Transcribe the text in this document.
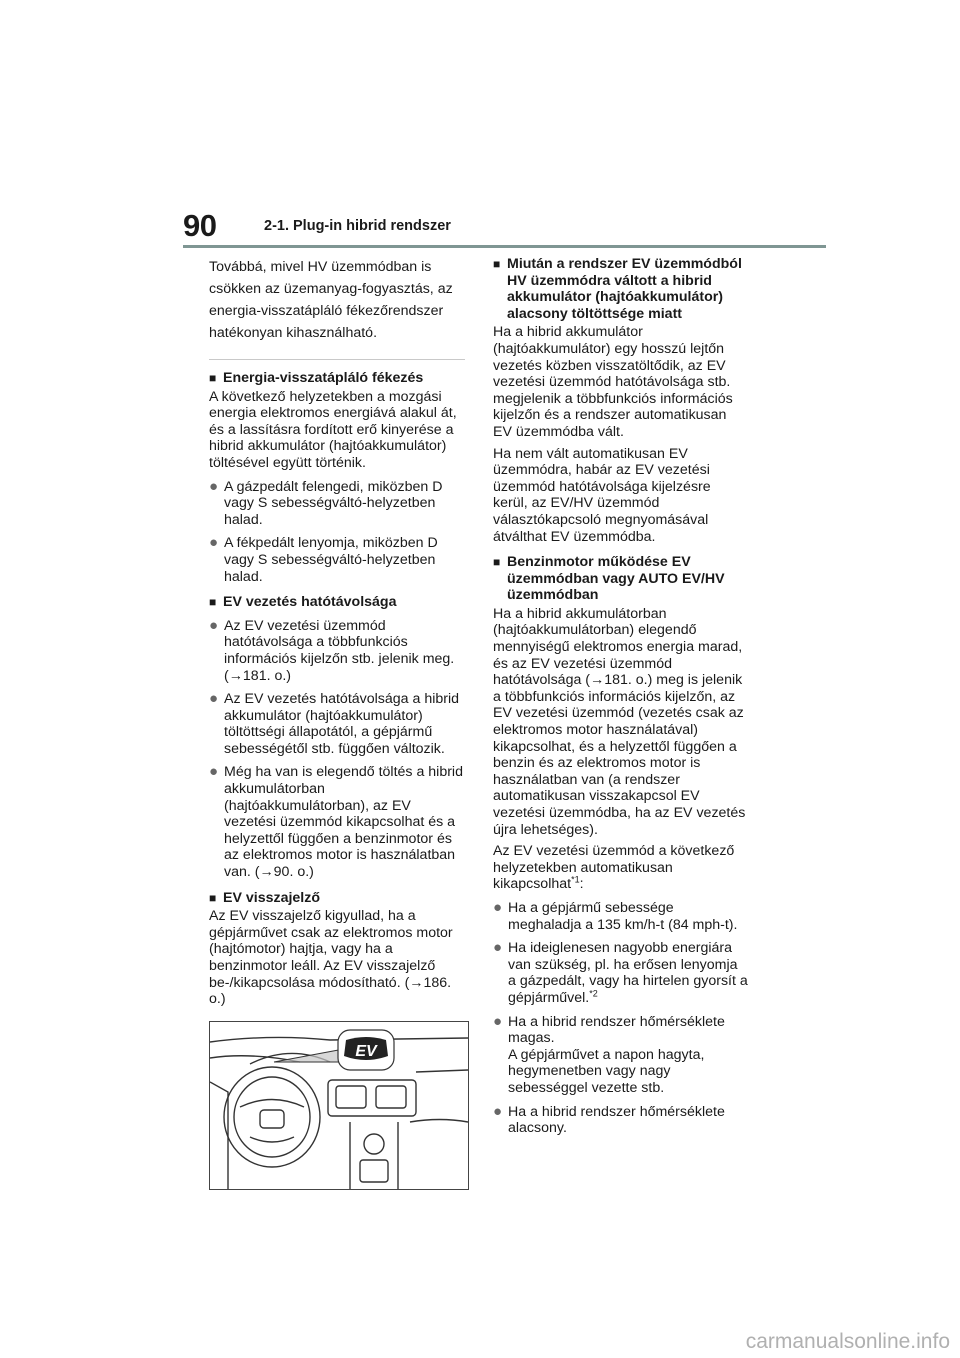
90	2-1. Plug-in hibrid rendszer

Továbbá, mivel HV üzemmódban is

csökken az üzemanyag-fogyasztás, az

energia-visszatápláló fékezőrendszer

hatékonyan kihasználható.

■ Energia-visszatápláló fékezés
A következő helyzetekben a mozgási energia elektromos energiává alakul át, és a lassításra fordított erő kinyerése a hibrid akkumulátor (hajtóakkumulátor) töltésével együtt történik.
● A gázpedált felengedi, miközben D vagy S sebességváltó-helyzetben halad.
● A fékpedált lenyomja, miközben D vagy S sebességváltó-helyzetben halad.
■ EV vezetés hatótávolsága
● Az EV vezetési üzemmód hatótávolsága a többfunkciós információs kijelzőn stb. jelenik meg. (→181. o.)
● Az EV vezetés hatótávolsága a hibrid akkumulátor (hajtóakkumulátor) töltöttségi állapotától, a gépjármű sebességétől stb. függően változik.
● Még ha van is elegendő töltés a hibrid akkumulátorban (hajtóakkumulátorban), az EV vezetési üzemmód kikapcsolhat és a helyzettől függően a benzinmotor és az elektromos motor is használatban van. (→90. o.)
■ EV visszajelző
Az EV visszajelző kigyullad, ha a gépjárművet csak az elektromos motor (hajtómotor) hajtja, vagy ha a benzinmotor leáll. Az EV visszajelző be-/kikapcsolása módosítható. (→186. o.)
EV
■ Miután a rendszer EV üzemmódból HV üzemmódra váltott a hibrid akkumulátor (hajtóakkumulátor) alacsony töltöttsége miatt
Ha a hibrid akkumulátor (hajtóakkumulátor) egy hosszú lejtőn vezetés közben visszatöltődik, az EV vezetési üzemmód hatótávolsága stb. megjelenik a többfunkciós információs kijelzőn és a rendszer automatikusan EV üzemmódba vált.
Ha nem vált automatikusan EV üzemmódra, habár az EV vezetési üzemmód hatótávolsága kijelzésre kerül, az EV/HV üzemmód választókapcsoló megnyomásával átválthat EV üzemmódba.
■ Benzinmotor működése EV üzemmódban vagy AUTO EV/HV üzemmódban
Ha a hibrid akkumulátorban (hajtóakkumulátorban) elegendő mennyiségű elektromos energia marad, és az EV vezetési üzemmód hatótávolsága (→181. o.) meg is jelenik a többfunkciós információs kijelzőn, az EV vezetési üzemmód (vezetés csak az elektromos motor használatával) kikapcsolhat, és a helyzettől függően a benzin és az elektromos motor is használatban van (a rendszer automatikusan visszakapcsol EV vezetési üzemmódba, ha az EV vezetés újra lehetséges).
Az EV vezetési üzemmód a következő helyzetekben automatikusan kikapcsolhat$^{*1}$:
● Ha a gépjármű sebessége meghaladja a 135 km/h-t (84 mph-t).
● Ha ideiglenesen nagyobb energiára van szükség, pl. ha erősen lenyomja a gázpedált, vagy ha hirtelen gyorsít a gépjárművel.$^{*2}$
● Ha a hibrid rendszer hőmérséklete magas.
A gépjárművet a napon hagyta, hegymenetben vagy nagy sebességgel vezette stb.
● Ha a hibrid rendszer hőmérséklete alacsony.
carmanualsonline.info
